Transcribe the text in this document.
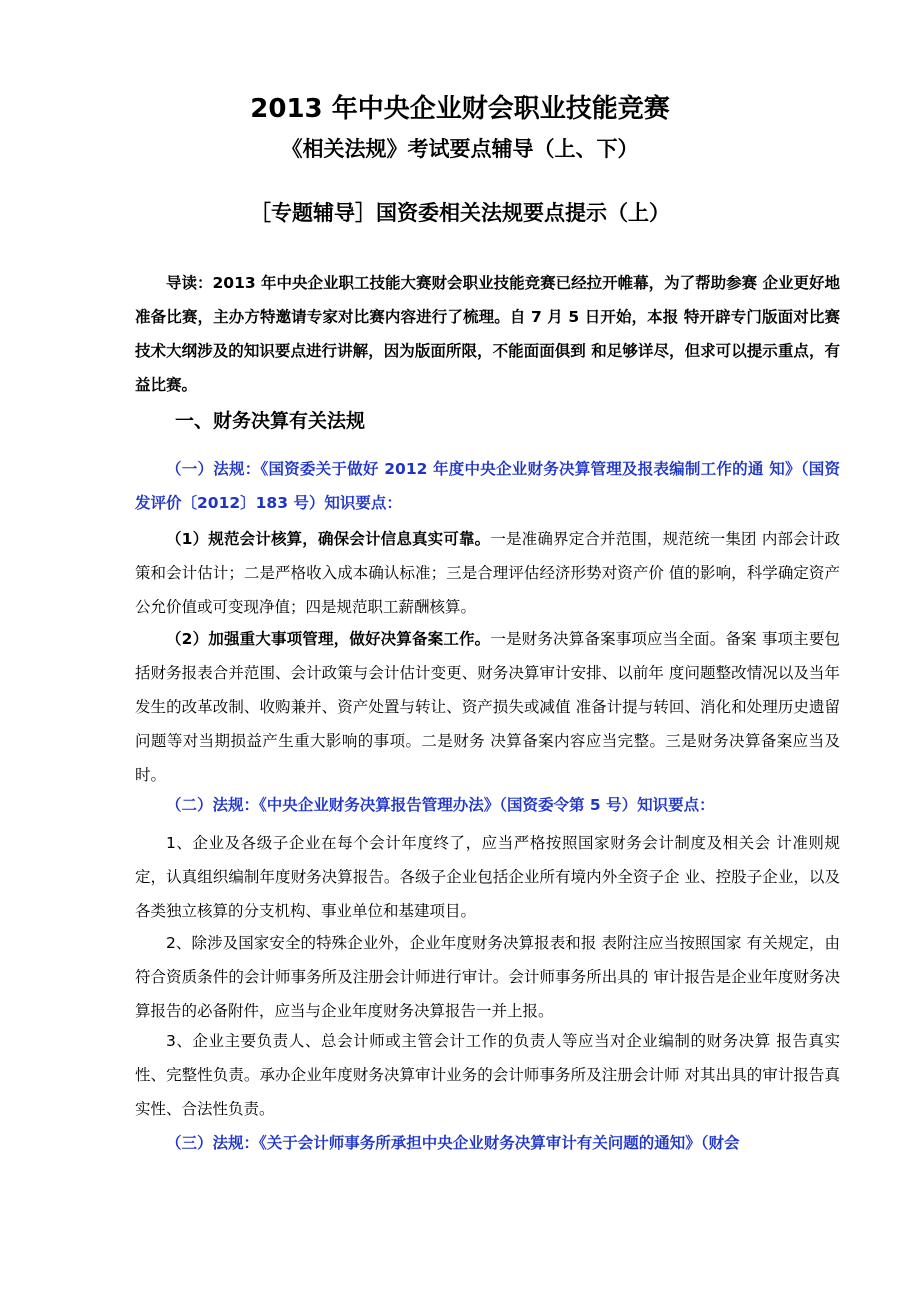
2013 年中央企业财会职业技能竞赛
《相关法规》考试要点辅导（上、下）
［专题辅导］国资委相关法规要点提示（上）
导读：2013 年中央企业职工技能大赛财会职业技能竞赛已经拉开帷幕，为了帮助参赛 企业更好地准备比赛，主办方特邀请专家对比赛内容进行了梳理。自 7 月 5 日开始，本报 特开辟专门版面对比赛技术大纲涉及的知识要点进行讲解，因为版面所限，不能面面俱到 和足够详尽，但求可以提示重点，有益比赛。
一、财务决算有关法规
（一）法规：《国资委关于做好 2012 年度中央企业财务决算管理及报表编制工作的通 知》（国资发评价〔2012〕183 号）知识要点：
（1）规范会计核算，确保会计信息真实可靠。一是准确界定合并范围，规范统一集团 内部会计政策和会计估计；二是严格收入成本确认标准；三是合理评估经济形势对资产价 值的影响，科学确定资产公允价值或可变现净值；四是规范职工薪酬核算。
（2）加强重大事项管理，做好决算备案工作。一是财务决算备案事项应当全面。备案 事项主要包括财务报表合并范围、会计政策与会计估计变更、财务决算审计安排、以前年 度问题整改情况以及当年发生的改革改制、收购兼并、资产处置与转让、资产损失或减值 准备计提与转回、消化和处理历史遗留问题等对当期损益产生重大影响的事项。二是财务 决算备案内容应当完整。三是财务决算备案应当及时。
（二）法规：《中央企业财务决算报告管理办法》（国资委令第 5 号）知识要点：
1、企业及各级子企业在每个会计年度终了，应当严格按照国家财务会计制度及相关会 计准则规定，认真组织编制年度财务决算报告。各级子企业包括企业所有境内外全资子企 业、控股子企业，以及各类独立核算的分支机构、事业单位和基建项目。
2、除涉及国家安全的特殊企业外，企业年度财务决算报表和报 表附注应当按照国家 有关规定，由符合资质条件的会计师事务所及注册会计师进行审计。会计师事务所出具的 审计报告是企业年度财务决算报告的必备附件，应当与企业年度财务决算报告一并上报。
3、企业主要负责人、总会计师或主管会计工作的负责人等应当对企业编制的财务决算 报告真实性、完整性负责。承办企业年度财务决算审计业务的会计师事务所及注册会计师 对其出具的审计报告真实性、合法性负责。
（三）法规：《关于会计师事务所承担中央企业财务决算审计有关问题的通知》（财会
